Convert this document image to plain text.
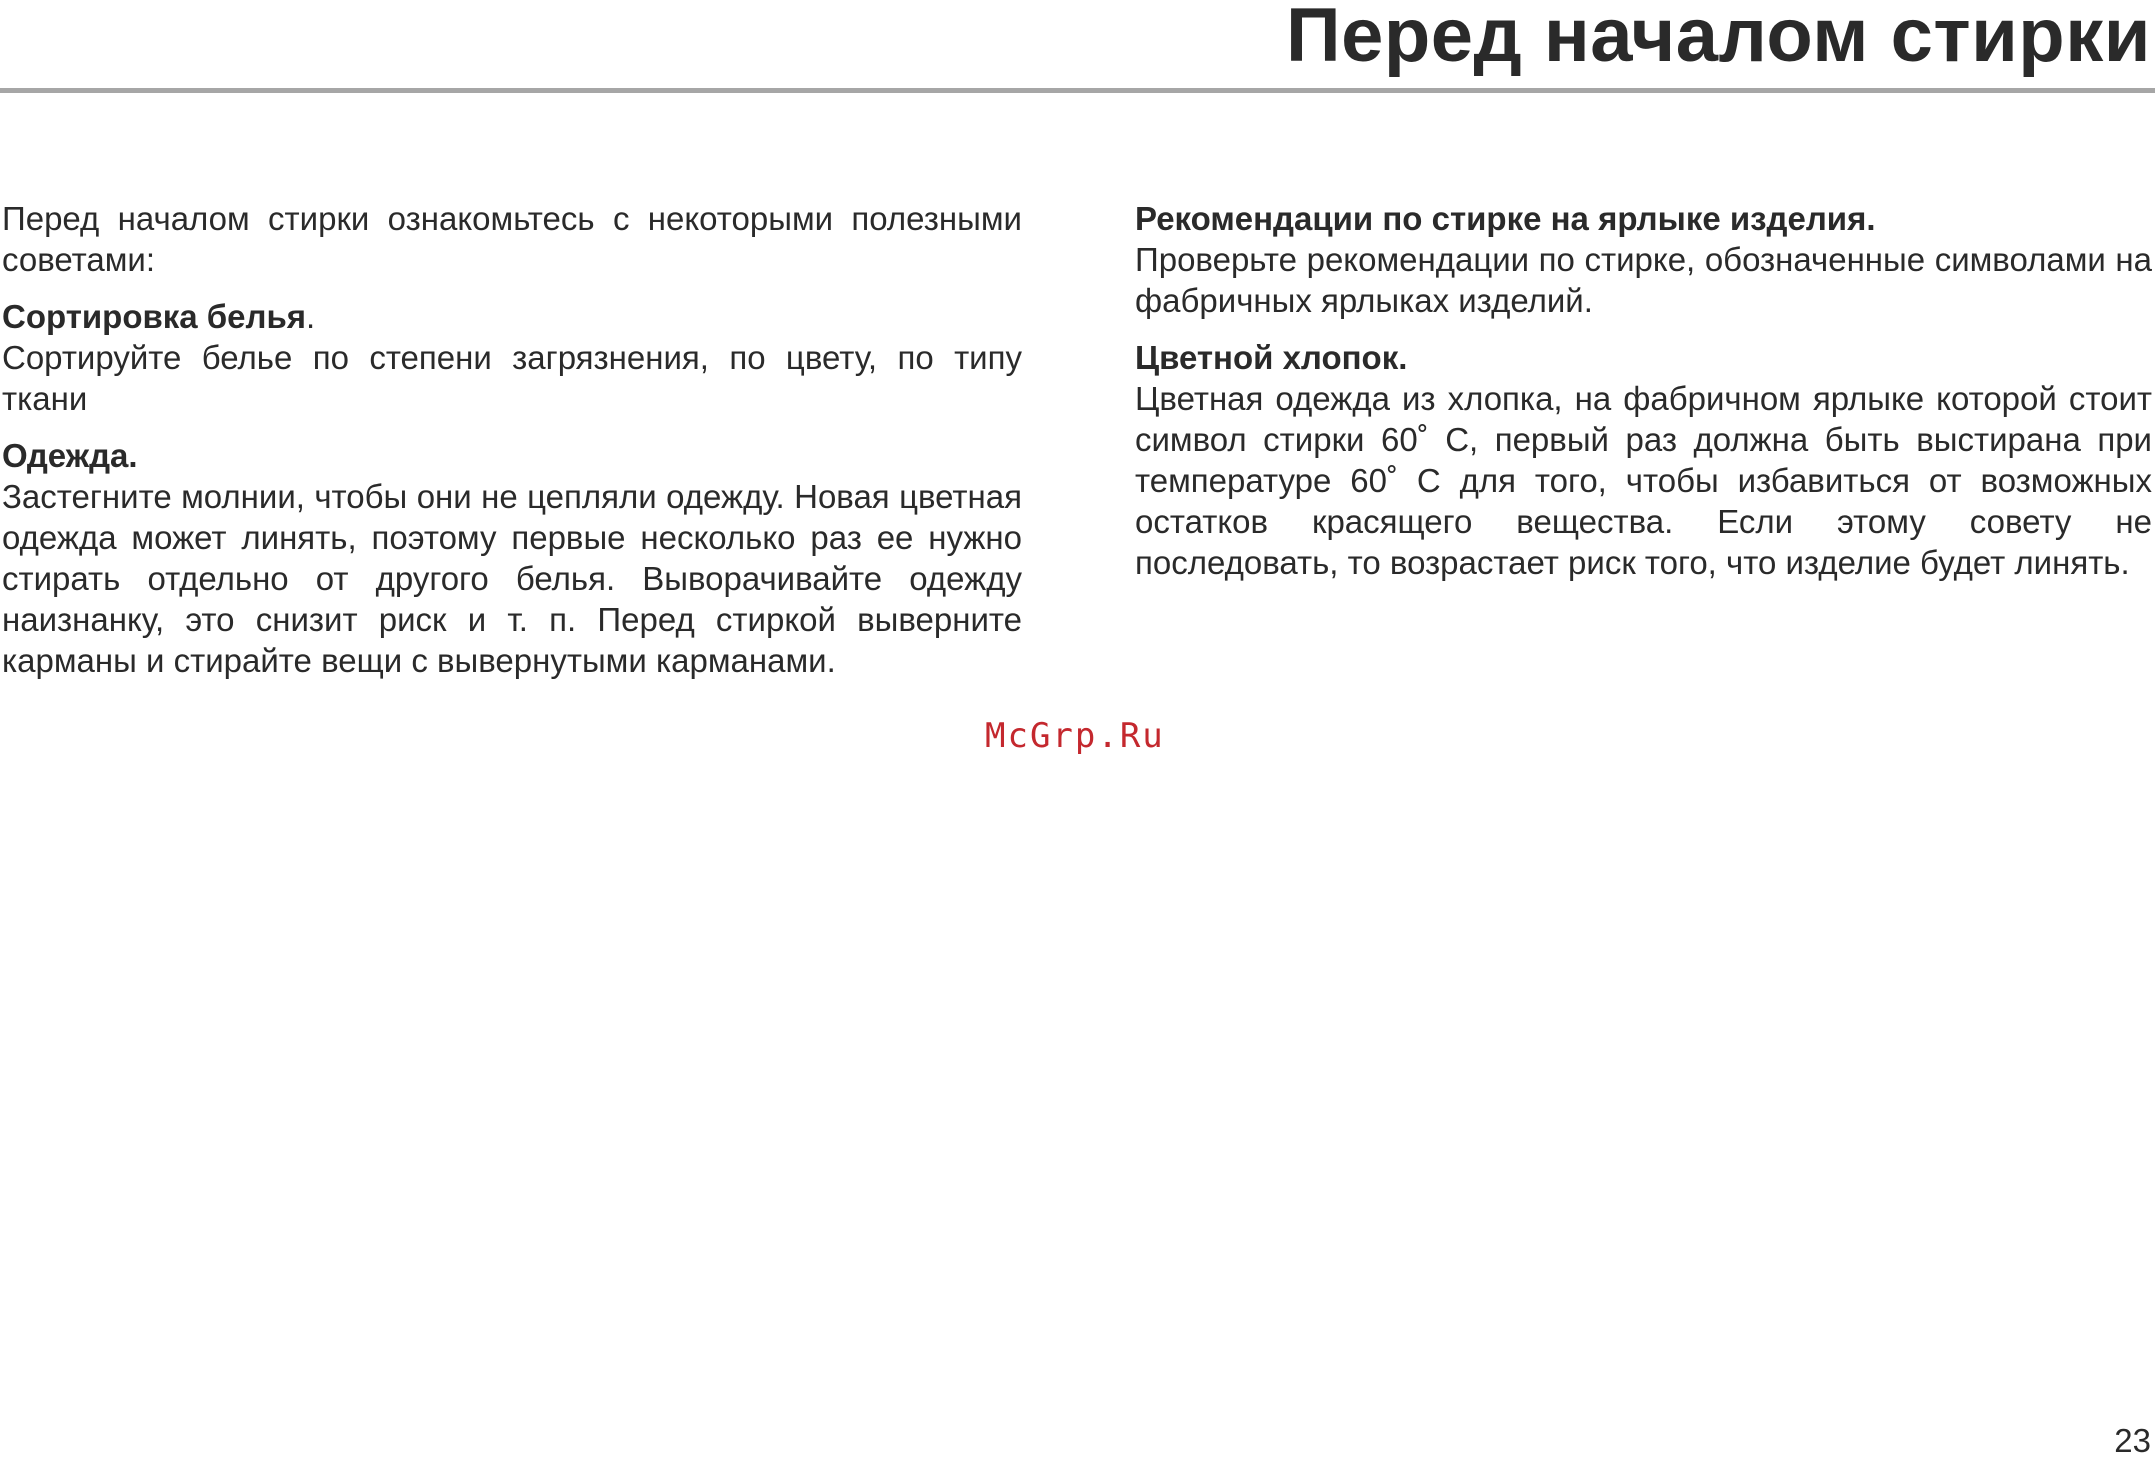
Перед началом стирки

Перед началом стирки ознакомьтесь с некоторыми полезными советами:

Сортировка белья.

Сортируйте белье по степени загрязнения, по цвету, по типу ткани

Одежда.

Застегните молнии, чтобы они не цепляли одежду. Новая цветная одежда может линять, поэтому первые несколько раз ее нужно стирать отдельно от другого белья. Выворачивайте одежду наизнанку, это снизит риск и т. п. Перед стиркой выверните карманы и стирайте вещи с вывернутыми карманами.

Рекомендации по стирке на ярлыке изделия.

Проверьте рекомендации по стирке, обозначенные символами на фабричных ярлыках изделий.

Цветной хлопок.

Цветная одежда из хлопка, на фабричном ярлыке которой стоит символ стирки 60˚ С, первый раз должна быть выстирана при температуре 60˚ С для того, чтобы избавиться от возможных остатков красящего вещества. Если этому совету не последовать, то возрастает риск того, что изделие будет линять.

McGrp.Ru
23
